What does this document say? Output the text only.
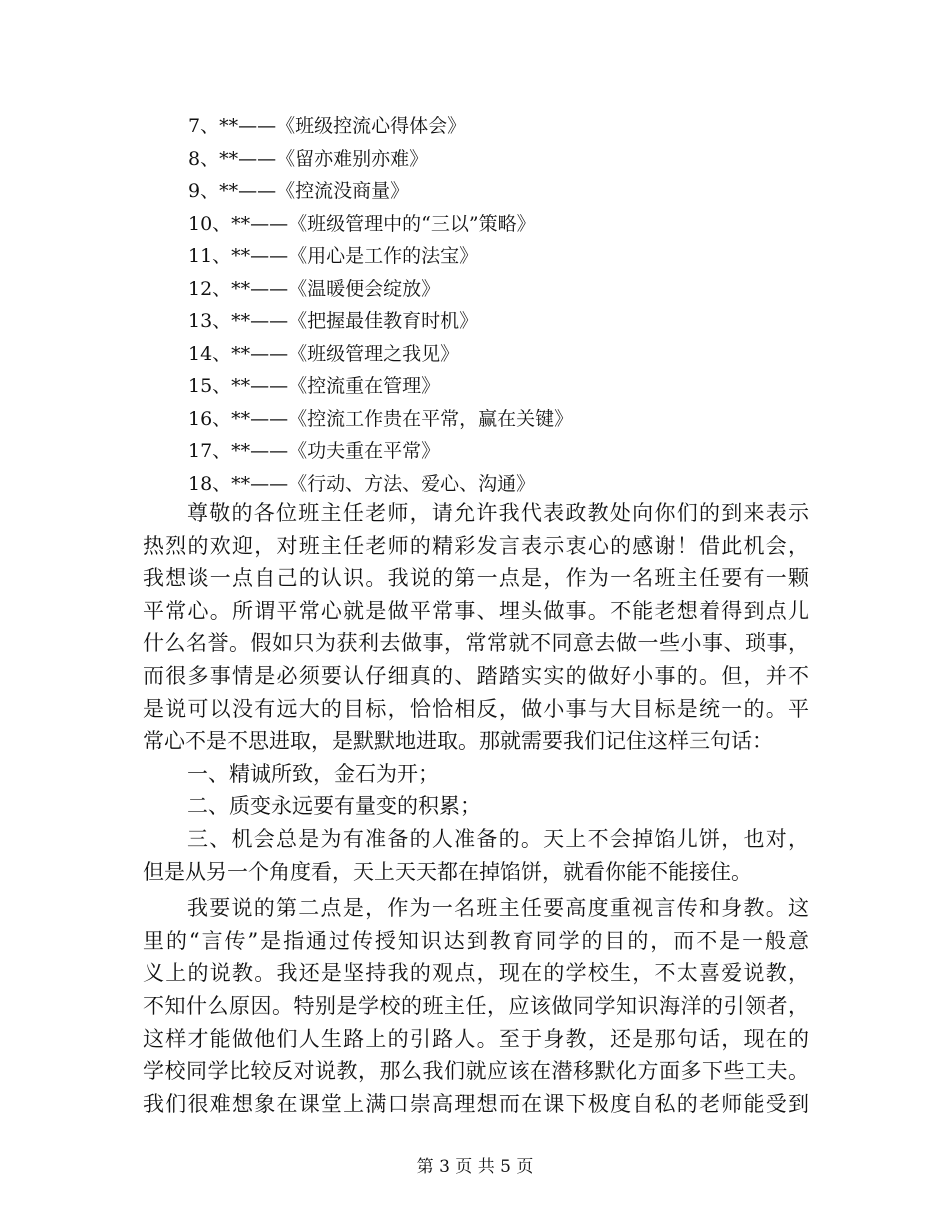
7、**——《班级控流心得体会》
8、**——《留亦难别亦难》
9、**——《控流没商量》
10、**——《班级管理中的“三以”策略》
11、**——《用心是工作的法宝》
12、**——《温暖便会绽放》
13、**——《把握最佳教育时机》
14、**——《班级管理之我见》
15、**——《控流重在管理》
16、**——《控流工作贵在平常，赢在关键》
17、**——《功夫重在平常》
18、**——《行动、方法、爱心、沟通》
尊敬的各位班主任老师，请允许我代表政教处向你们的到来表示
热烈的欢迎，对班主任老师的精彩发言表示衷心的感谢！借此机会，
我想谈一点自己的认识。我说的第一点是，作为一名班主任要有一颗
平常心。所谓平常心就是做平常事、埋头做事。不能老想着得到点儿
什么名誉。假如只为获利去做事，常常就不同意去做一些小事、琐事，
而很多事情是必须要认仔细真的、踏踏实实的做好小事的。但，并不
是说可以没有远大的目标，恰恰相反，做小事与大目标是统一的。平
常心不是不思进取，是默默地进取。那就需要我们记住这样三句话：
一、精诚所致，金石为开；
二、质变永远要有量变的积累；
三、机会总是为有准备的人准备的。天上不会掉馅儿饼，也对，
但是从另一个角度看，天上天天都在掉馅饼，就看你能不能接住。
我要说的第二点是，作为一名班主任要高度重视言传和身教。这
里的“言传”是指通过传授知识达到教育同学的目的，而不是一般意
义上的说教。我还是坚持我的观点，现在的学校生，不太喜爱说教，
不知什么原因。特别是学校的班主任，应该做同学知识海洋的引领者，
这样才能做他们人生路上的引路人。至于身教，还是那句话，现在的
学校同学比较反对说教，那么我们就应该在潜移默化方面多下些工夫。
我们很难想象在课堂上满口崇高理想而在课下极度自私的老师能受到
第 3 页 共 5 页
